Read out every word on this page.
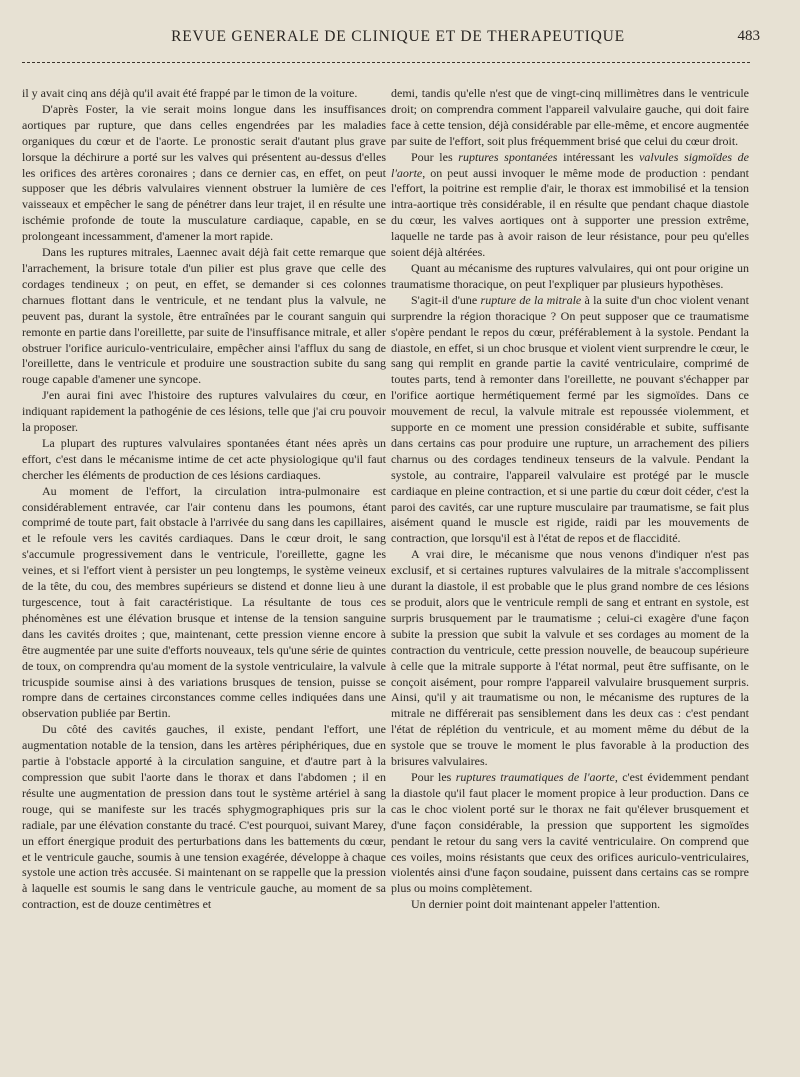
REVUE GENERALE DE CLINIQUE ET DE THERAPEUTIQUE	483

il y avait cinq ans déjà qu'il avait été frappé par le timon de la voiture.

D'après Foster, la vie serait moins longue dans les insuffisances aortiques par rupture, que dans celles engendrées par les maladies organiques du cœur et de l'aorte. Le pronostic serait d'autant plus grave lorsque la déchirure a porté sur les valves qui présentent au-dessus d'elles les orifices des artères coronaires ; dans ce dernier cas, en effet, on peut supposer que les débris valvulaires viennent obstruer la lumière de ces vaisseaux et empêcher le sang de pénétrer dans leur trajet, il en résulte une ischémie profonde de toute la musculature cardiaque, capable, en se prolongeant incessamment, d'amener la mort rapide.

Dans les ruptures mitrales, Laennec avait déjà fait cette remarque que l'arrachement, la brisure totale d'un pilier est plus grave que celle des cordages tendineux ; on peut, en effet, se demander si ces colonnes charnues flottant dans le ventricule, et ne tendant plus la valvule, ne peuvent pas, durant la systole, être entraînées par le courant sanguin qui remonte en partie dans l'oreillette, par suite de l'insuffisance mitrale, et aller obstruer l'orifice auriculo-ventriculaire, empêcher ainsi l'afflux du sang de l'oreillette, dans le ventricule et produire une soustraction subite du sang rouge capable d'amener une syncope.

J'en aurai fini avec l'histoire des ruptures valvulaires du cœur, en indiquant rapidement la pathogénie de ces lésions, telle que j'ai cru pouvoir la proposer.

La plupart des ruptures valvulaires spontanées étant nées après un effort, c'est dans le mécanisme intime de cet acte physiologique qu'il faut chercher les éléments de production de ces lésions cardiaques.

Au moment de l'effort, la circulation intra-pulmonaire est considérablement entravée, car l'air contenu dans les poumons, étant comprimé de toute part, fait obstacle à l'arrivée du sang dans les capillaires, et le refoule vers les cavités cardiaques. Dans le cœur droit, le sang s'accumule progressivement dans le ventricule, l'oreillette, gagne les veines, et si l'effort vient à persister un peu longtemps, le système veineux de la tête, du cou, des membres supérieurs se distend et donne lieu à une turgescence, tout à fait caractéristique. La résultante de tous ces phénomènes est une élévation brusque et intense de la tension sanguine dans les cavités droites ; que, maintenant, cette pression vienne encore à être augmentée par une suite d'efforts nouveaux, tels qu'une série de quintes de toux, on comprendra qu'au moment de la systole ventriculaire, la valvule tricuspide soumise ainsi à des variations brusques de tension, puisse se rompre dans de certaines circonstances comme celles indiquées dans une observation publiée par Bertin.

Du côté des cavités gauches, il existe, pendant l'effort, une augmentation notable de la tension, dans les artères périphériques, due en partie à l'obstacle apporté à la circulation sanguine, et d'autre part à la compression que subit l'aorte dans le thorax et dans l'abdomen ; il en résulte une augmentation de pression dans tout le système artériel à sang rouge, qui se manifeste sur les tracés sphygmographiques pris sur la radiale, par une élévation constante du tracé. C'est pourquoi, suivant Marey, un effort énergique produit des perturbations dans les battements du cœur, et le ventricule gauche, soumis à une tension exagérée, développe à chaque systole une action très accusée. Si maintenant on se rappelle que la pression à laquelle est soumis le sang dans le ventricule gauche, au moment de sa contraction, est de douze centimètres et

demi, tandis qu'elle n'est que de vingt-cinq millimètres dans le ventricule droit; on comprendra comment l'appareil valvulaire gauche, qui doit faire face à cette tension, déjà considérable par elle-même, et encore augmentée par suite de l'effort, soit plus fréquemment brisé que celui du cœur droit.

Pour les ruptures spontanées intéressant les valvules sigmoïdes de l'aorte, on peut aussi invoquer le même mode de production : pendant l'effort, la poitrine est remplie d'air, le thorax est immobilisé et la tension intra-aortique très considérable, il en résulte que pendant chaque diastole du cœur, les valves aortiques ont à supporter une pression extrême, laquelle ne tarde pas à avoir raison de leur résistance, pour peu qu'elles soient déjà altérées.

Quant au mécanisme des ruptures valvulaires, qui ont pour origine un traumatisme thoracique, on peut l'expliquer par plusieurs hypothèses.

S'agit-il d'une rupture de la mitrale à la suite d'un choc violent venant surprendre la région thoracique ? On peut supposer que ce traumatisme s'opère pendant le repos du cœur, préférablement à la systole. Pendant la diastole, en effet, si un choc brusque et violent vient surprendre le cœur, le sang qui remplit en grande partie la cavité ventriculaire, comprimé de toutes parts, tend à remonter dans l'oreillette, ne pouvant s'échapper par l'orifice aortique hermétiquement fermé par les sigmoïdes. Dans ce mouvement de recul, la valvule mitrale est repoussée violemment, et supporte en ce moment une pression considérable et subite, suffisante dans certains cas pour produire une rupture, un arrachement des piliers charnus ou des cordages tendineux tenseurs de la valvule. Pendant la systole, au contraire, l'appareil valvulaire est protégé par le muscle cardiaque en pleine contraction, et si une partie du cœur doit céder, c'est la paroi des cavités, car une rupture musculaire par traumatisme, se fait plus aisément quand le muscle est rigide, raidi par les mouvements de contraction, que lorsqu'il est à l'état de repos et de flaccidité.

A vrai dire, le mécanisme que nous venons d'indiquer n'est pas exclusif, et si certaines ruptures valvulaires de la mitrale s'accomplissent durant la diastole, il est probable que le plus grand nombre de ces lésions se produit, alors que le ventricule rempli de sang et entrant en systole, est surpris brusquement par le traumatisme ; celui-ci exagère d'une façon subite la pression que subit la valvule et ses cordages au moment de la contraction du ventricule, cette pression nouvelle, de beaucoup supérieure à celle que la mitrale supporte à l'état normal, peut être suffisante, on le conçoit aisément, pour rompre l'appareil valvulaire brusquement surpris. Ainsi, qu'il y ait traumatisme ou non, le mécanisme des ruptures de la mitrale ne différerait pas sensiblement dans les deux cas : c'est pendant l'état de réplétion du ventricule, et au moment même du début de la systole que se trouve le moment le plus favorable à la production des brisures valvulaires.

Pour les ruptures traumatiques de l'aorte, c'est évidemment pendant la diastole qu'il faut placer le moment propice à leur production. Dans ce cas le choc violent porté sur le thorax ne fait qu'élever brusquement et d'une façon considérable, la pression que supportent les sigmoïdes pendant le retour du sang vers la cavité ventriculaire. On comprend que ces voiles, moins résistants que ceux des orifices auriculo-ventriculaires, violentés ainsi d'une façon soudaine, puissent dans certains cas se rompre plus ou moins complètement.

Un dernier point doit maintenant appeler l'attention.
